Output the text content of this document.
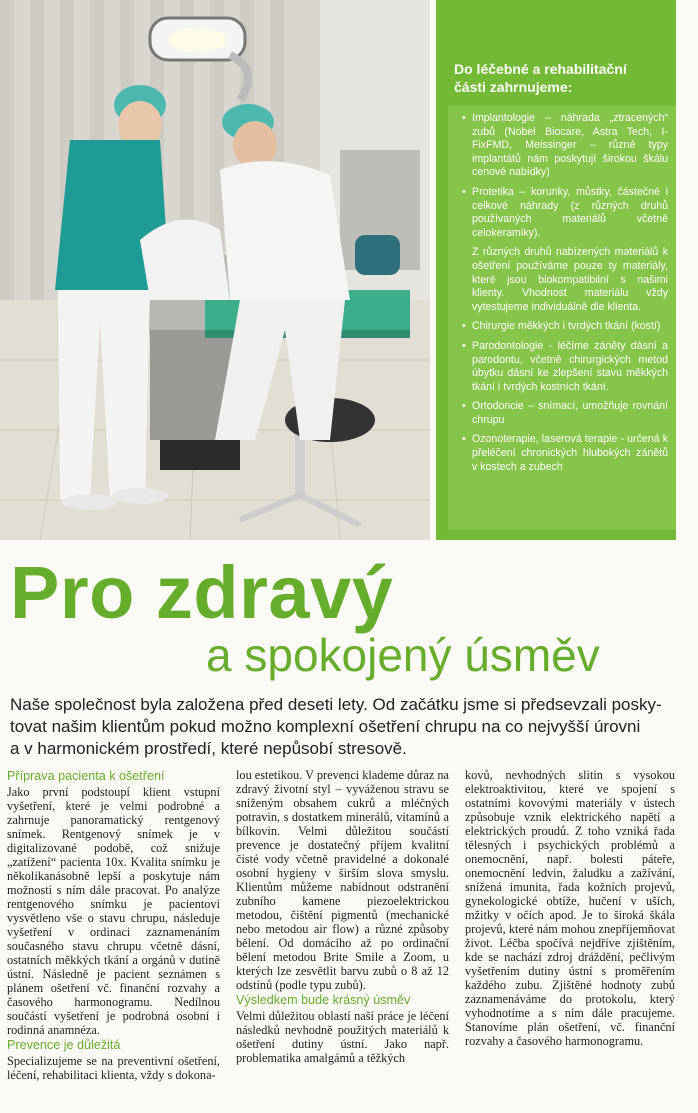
Do léčebné a rehabilitační
části zahrnujeme:
• Implantologie – náhrada „ztracených“ zubů (Nobel Biocare, Astra Tech, I-FixFMD, Meissinger – různé typy implantátů nám poskytují širokou škálu cenové nabídky)
• Protetika – korunky, můstky, částečné i celkové náhrady (z různých druhů používaných materiálů včetně celokeramiky).
Z různých druhů nabízených materiálů k ošetření používáme pouze ty materiály, které jsou biokompatibilní s našimi klienty. Vhodnost materiálu vždy vytestujeme individuálně dle klienta.
• Chirurgie měkkých i tvrdých tkání (kostí)
• Parodontologie - léčíme záněty dásní a parodontu, včetně chirurgických metod úbytku dásní ke zlepšení stavu měkkých tkání i tvrdých kostních tkání.
• Ortodoncie – snímací, umožňuje rovnání chrupu
• Ozonoterapie, laserová terapie - určená k přeléčení chronických hlubokých zánětů v kostech a zubech
Pro zdravý
a spokojený úsměv
Naše společnost byla založena před deseti lety. Od začátku jsme si předsevzali posky-
tovat našim klientům pokud možno komplexní ošetření chrupu na co nejvyšší úrovni
a v harmonickém prostředí, které nepůsobí stresově.
Příprava pacienta k ošetření

Jako první podstoupí klient vstupní vyšetření, které je velmi podrobné a zahrnuje panoramatický rentgenový snímek. Rentgenový snímek je v digitalizované podobě, což snižuje „zatížení“ pacienta 10x. Kvalita snímku je několikanásobně lepší a poskytuje nám možnosti s ním dále pracovat. Po analýze rentgenového snímku je pacientovi vysvětleno vše o stavu chrupu, následuje vyšetření v ordinaci zaznamenáním současného stavu chrupu včetně dásní, ostatních měkkých tkání a orgánů v dutině ústní. Následně je pacient seznámen s plánem ošetření vč. finanční rozvahy a časového harmonogramu. Nedílnou součástí vyšetření je podrobná osobní i rodinná anamnéza.

Prevence je důležitá

Specializujeme se na preventivní ošetření, léčení, rehabilitaci klienta, vždy s dokona-

lou estetikou. V prevenci klademe důraz na zdravý životní styl – vyváženou stravu se sníženým obsahem cukrů a mléčných potravin, s dostatkem minerálů, vitamínů a bílkovin. Velmi důležitou součástí prevence je dostatečný příjem kvalitní čisté vody včetně pravidelné a dokonalé osobní hygieny v širším slova smyslu. Klientům můžeme nabídnout odstranění zubního kamene piezoelektrickou metodou, čištění pigmentů (mechanické nebo metodou air flow) a různé způsoby bělení. Od domácího až po ordinační bělení metodou Brite Smile a Zoom, u kterých lze zesvětlit barvu zubů o 8 až 12 odstínů (podle typu zubů).

Výsledkem bude krásný úsměv

Velmi důležitou oblastí naší práce je léčení následků nevhodně použitých materiálů k ošetření dutiny ústní. Jako např. problematika amalgámů a těžkých

kovů, nevhodných slitin s vysokou elektroaktivitou, které ve spojení s ostatními kovovými materiály v ústech způsobuje vznik elektrického napětí a elektrických proudů. Z toho vzniká řada tělesných i psychických problémů a onemocnění, např. bolesti páteře, onemocnění ledvin, žaludku a zažívání, snížená imunita, řada kožních projevů, gynekologické obtíže, hučení v uších, mžitky v očích apod. Je to široká škála projevů, které nám mohou znepříjemňovat život. Léčba spočívá nejdříve zjištěním, kde se nachází zdroj dráždění, pečlivým vyšetřením dutiny ústní s proměřením každého zubu. Zjištěné hodnoty zubů zaznamenáváme do protokolu, který vyhodnotíme a s ním dále pracujeme. Stanovíme plán ošetření, vč. finanční rozvahy a časového harmonogramu.
